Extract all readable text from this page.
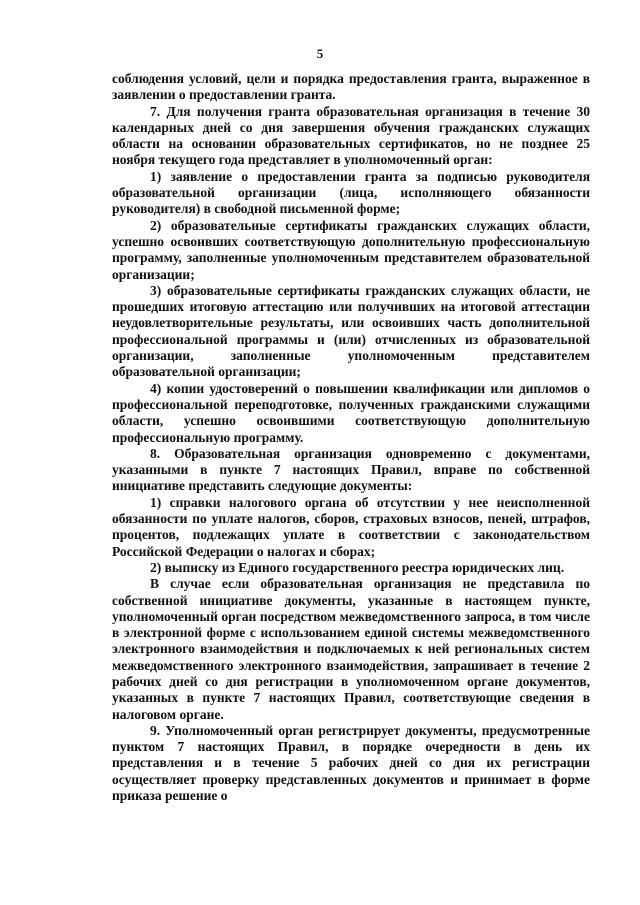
5

соблюдения условий, цели и порядка предоставления гранта, выраженное в заявлении о предоставлении гранта.

7. Для получения гранта образовательная организация в течение 30 календарных дней со дня завершения обучения гражданских служащих области на основании образовательных сертификатов, но не позднее 25 ноября текущего года представляет в уполномоченный орган:

1) заявление о предоставлении гранта за подписью руководителя образовательной организации (лица, исполняющего обязанности руководителя) в свободной письменной форме;

2) образовательные сертификаты гражданских служащих области, успешно освоивших соответствующую дополнительную профессиональную программу, заполненные уполномоченным представителем образовательной организации;

3) образовательные сертификаты гражданских служащих области, не прошедших итоговую аттестацию или получивших на итоговой аттестации неудовлетворительные результаты, или освоивших часть дополнительной профессиональной программы и (или) отчисленных из образовательной организации, заполненные уполномоченным представителем образовательной организации;

4) копии удостоверений о повышении квалификации или дипломов о профессиональной переподготовке, полученных гражданскими служащими области, успешно освоившими соответствующую дополнительную профессиональную программу.

8. Образовательная организация одновременно с документами, указанными в пункте 7 настоящих Правил, вправе по собственной инициативе представить следующие документы:

1) справки налогового органа об отсутствии у нее неисполненной обязанности по уплате налогов, сборов, страховых взносов, пеней, штрафов, процентов, подлежащих уплате в соответствии с законодательством Российской Федерации о налогах и сборах;

2) выписку из Единого государственного реестра юридических лиц.

В случае если образовательная организация не представила по собственной инициативе документы, указанные в настоящем пункте, уполномоченный орган посредством межведомственного запроса, в том числе в электронной форме с использованием единой системы межведомственного электронного взаимодействия и подключаемых к ней региональных систем межведомственного электронного взаимодействия, запрашивает в течение 2 рабочих дней со дня регистрации в уполномоченном органе документов, указанных в пункте 7 настоящих Правил, соответствующие сведения в налоговом органе.

9. Уполномоченный орган регистрирует документы, предусмотренные пунктом 7 настоящих Правил, в порядке очередности в день их представления и в течение 5 рабочих дней со дня их регистрации осуществляет проверку представленных документов и принимает в форме приказа решение о
